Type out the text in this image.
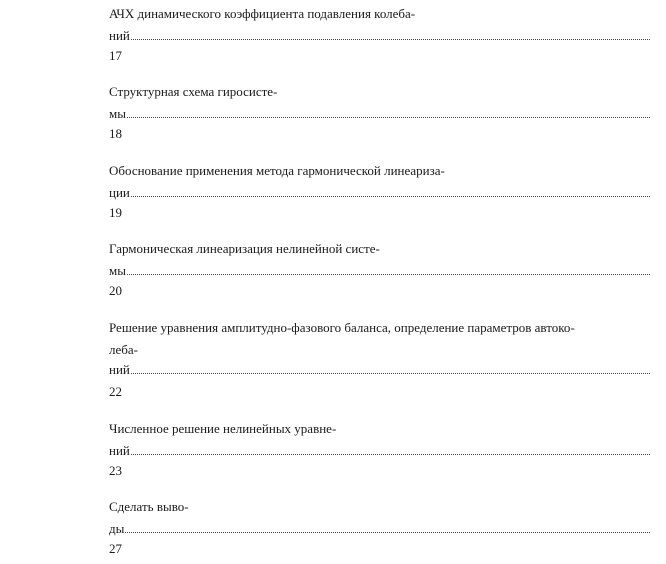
АЧХ динамического коэффициента подавления колеба-
ний
17
Структурная схема гиросисте-
мы
18
Обоснование применения метода гармонической линеариза-
ции
19
Гармоническая линеаризация нелинейной систе-
мы
20
Решение уравнения амплитудно-фазового баланса, определение параметров автоко-
леба-
ний
22
Численное решение нелинейных уравне-
ний
23
Сделать выво-
ды
27
